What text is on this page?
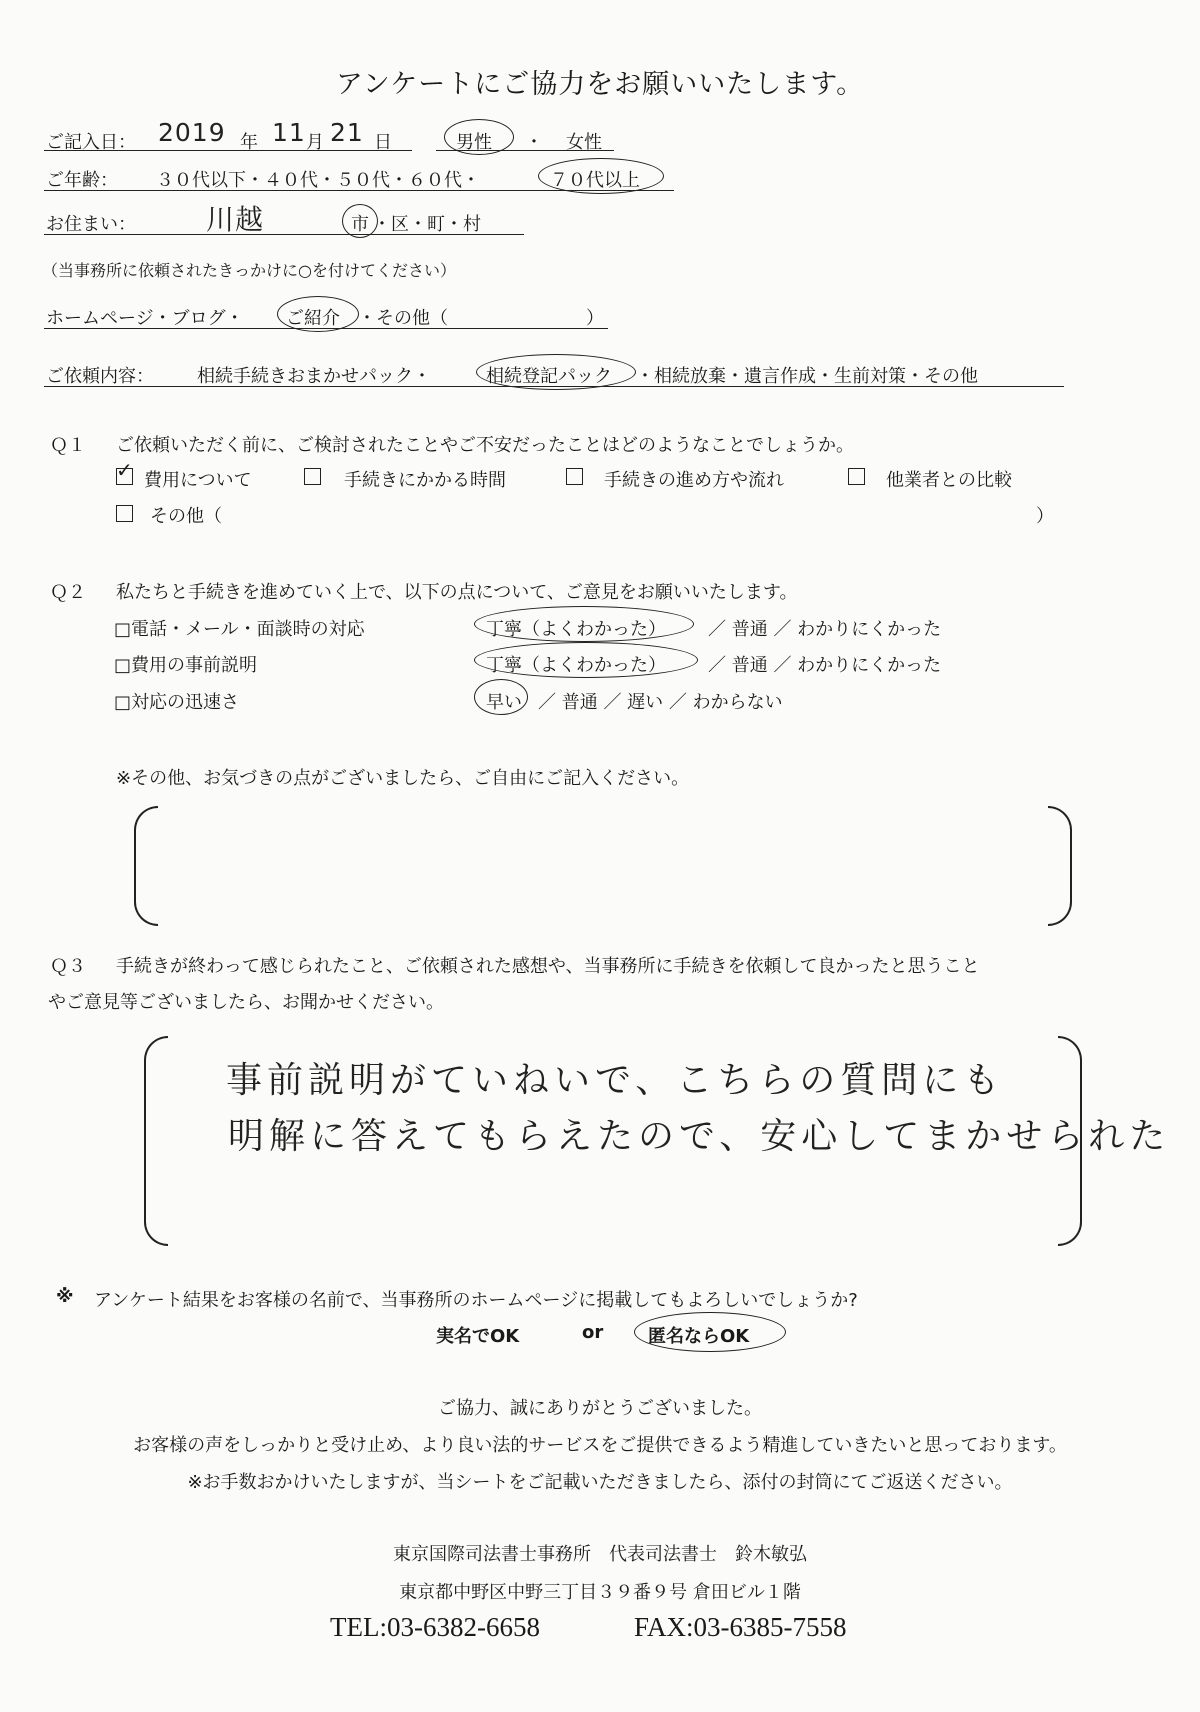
アンケートにご協力をお願いいたします。
ご記入日： 2019 年 11 月 21 日	男性 ・ 女性
ご年齢： ３０代以下・４０代・５０代・６０代・	７０代以上
お住まい：	川越	市 ・区・町・村
（当事務所に依頼されたきっかけに○を付けてください）
ホームページ・ブログ・ ご紹介 ・その他（	）
ご依頼内容： 相続手続きおまかせパック・	相続登記パック ・相続放棄・遺言作成・生前対策・その他
Ｑ１ ご依頼いただく前に、ご検討されたことやご不安だったことはどのようなことでしょうか。
✓ 費用について	手続きにかかる時間	手続きの進め方や流れ	他業者との比較
その他（	）
Ｑ２ 私たちと手続きを進めていく上で、以下の点について、ご意見をお願いいたします。
□電話・メール・面談時の対応	丁寧（よくわかった） ／ 普通 ／ わかりにくかった
□費用の事前説明	丁寧（よくわかった） ／ 普通 ／ わかりにくかった
□対応の迅速さ	早い ／ 普通 ／ 遅い ／ わからない
※その他、お気づきの点がございましたら、ご自由にご記入ください。
Ｑ３ 手続きが終わって感じられたこと、ご依頼された感想や、当事務所に手続きを依頼して良かったと思うこと
やご意見等ございましたら、お聞かせください。
事前説明がていねいで、こちらの質問にも
明解に答えてもらえたので、安心してまかせられた
※ アンケート結果をお客様の名前で、当事務所のホームページに掲載してもよろしいでしょうか?
実名でOK	or 匿名ならOK
ご協力、誠にありがとうございました。
お客様の声をしっかりと受け止め、より良い法的サービスをご提供できるよう精進していきたいと思っております。
※お手数おかけいたしますが、当シートをご記載いただきましたら、添付の封筒にてご返送ください。
東京国際司法書士事務所　代表司法書士　鈴木敏弘
東京都中野区中野三丁目３９番９号 倉田ビル１階
TEL:03-6382-6658	FAX:03-6385-7558
